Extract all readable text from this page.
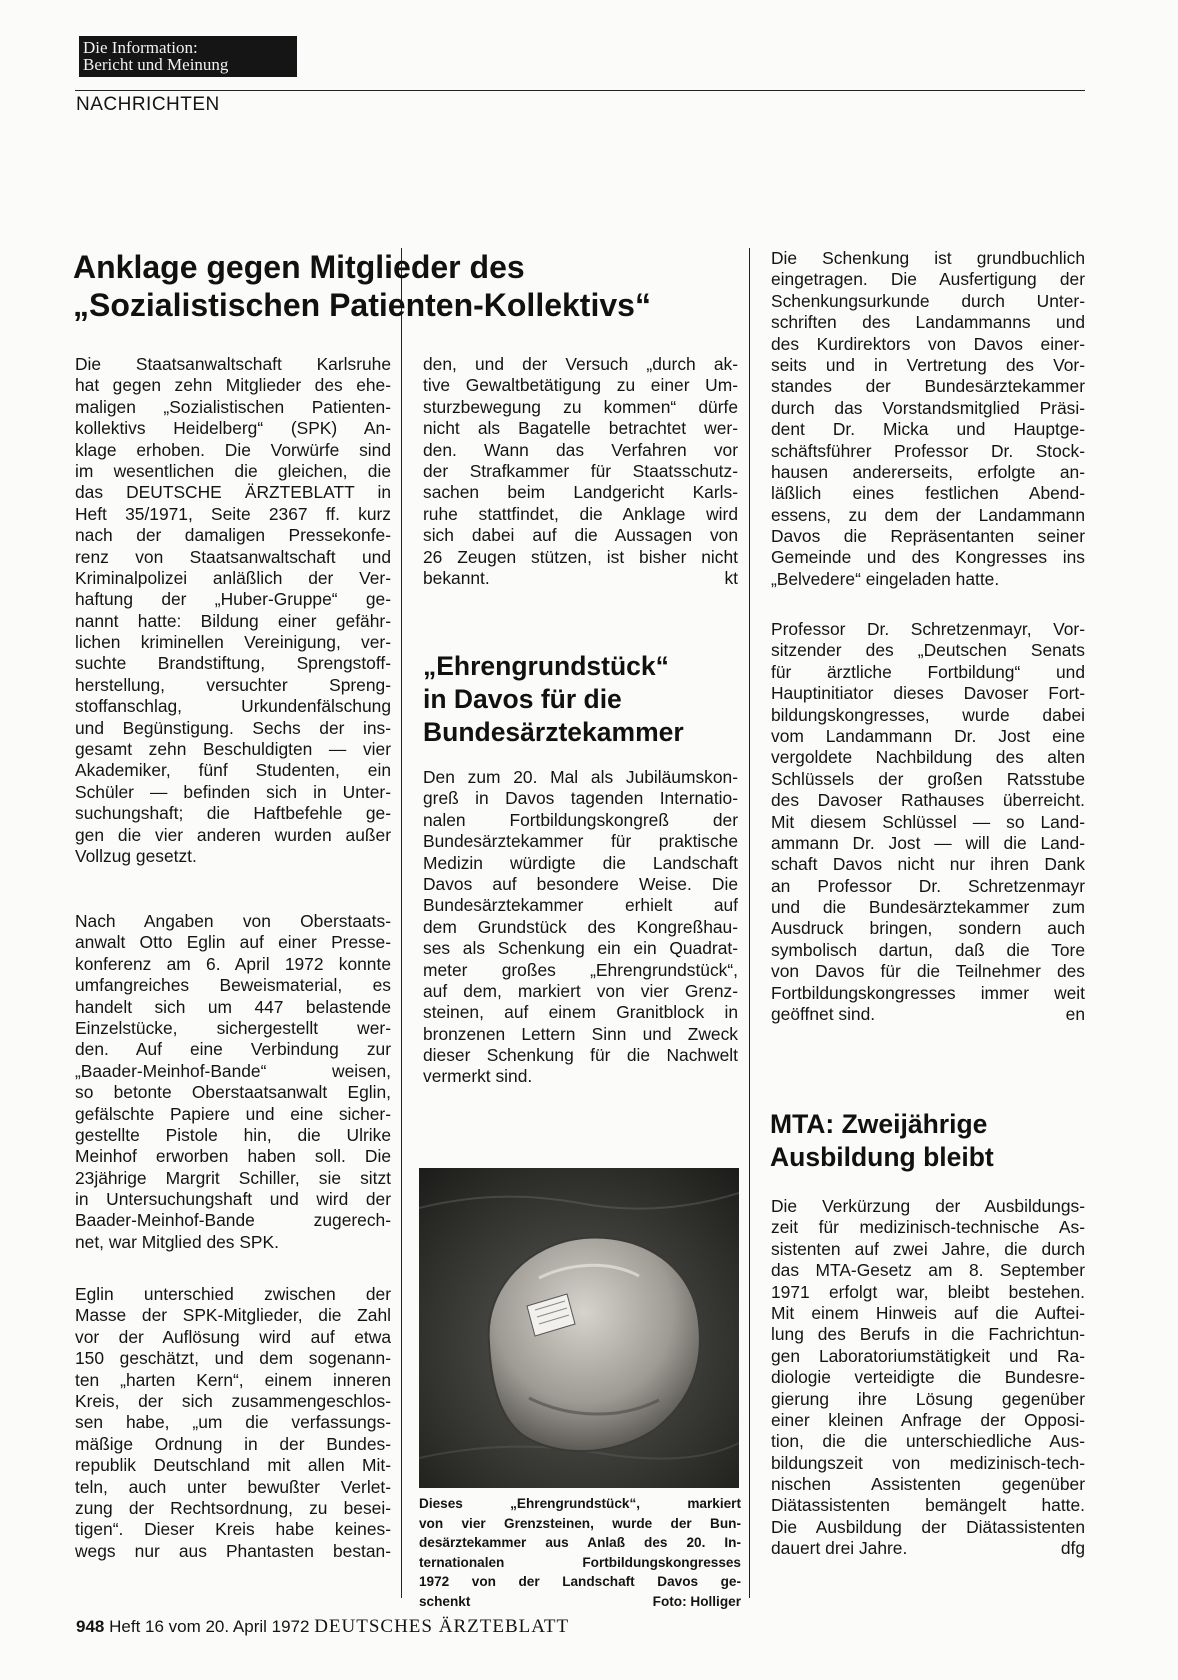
Die Information:
Bericht und Meinung
NACHRICHTEN
Anklage gegen Mitglieder des
„Sozialistischen Patienten-Kollektivs“
Die Staatsanwaltschaft Karlsruhe
hat gegen zehn Mitglieder des ehe-
maligen „Sozialistischen Patienten-
kollektivs Heidelberg“ (SPK) An-
klage erhoben. Die Vorwürfe sind
im wesentlichen die gleichen, die
das DEUTSCHE ÄRZTEBLATT in
Heft 35/1971, Seite 2367 ff. kurz
nach der damaligen Pressekonfe-
renz von Staatsanwaltschaft und
Kriminalpolizei anläßlich der Ver-
haftung der „Huber-Gruppe“ ge-
nannt hatte: Bildung einer gefähr-
lichen kriminellen Vereinigung, ver-
suchte Brandstiftung, Sprengstoff-
herstellung, versuchter Spreng-
stoffanschlag, Urkundenfälschung
und Begünstigung. Sechs der ins-
gesamt zehn Beschuldigten — vier
Akademiker, fünf Studenten, ein
Schüler — befinden sich in Unter-
suchungshaft; die Haftbefehle ge-
gen die vier anderen wurden außer
Vollzug gesetzt.
Nach Angaben von Oberstaats-
anwalt Otto Eglin auf einer Presse-
konferenz am 6. April 1972 konnte
umfangreiches Beweismaterial, es
handelt sich um 447 belastende
Einzelstücke, sichergestellt wer-
den. Auf eine Verbindung zur
„Baader-Meinhof-Bande“ weisen,
so betonte Oberstaatsanwalt Eglin,
gefälschte Papiere und eine sicher-
gestellte Pistole hin, die Ulrike
Meinhof erworben haben soll. Die
23jährige Margrit Schiller, sie sitzt
in Untersuchungshaft und wird der
Baader-Meinhof-Bande zugerech-
net, war Mitglied des SPK.
Eglin unterschied zwischen der
Masse der SPK-Mitglieder, die Zahl
vor der Auflösung wird auf etwa
150 geschätzt, und dem sogenann-
ten „harten Kern“, einem inneren
Kreis, der sich zusammengeschlos-
sen habe, „um die verfassungs-
mäßige Ordnung in der Bundes-
republik Deutschland mit allen Mit-
teln, auch unter bewußter Verlet-
zung der Rechtsordnung, zu besei-
tigen“. Dieser Kreis habe keines-
wegs nur aus Phantasten bestan-
den, und der Versuch „durch ak-
tive Gewaltbetätigung zu einer Um-
sturzbewegung zu kommen“ dürfe
nicht als Bagatelle betrachtet wer-
den. Wann das Verfahren vor
der Strafkammer für Staatsschutz-
sachen beim Landgericht Karls-
ruhe stattfindet, die Anklage wird
sich dabei auf die Aussagen von
26 Zeugen stützen, ist bisher nicht
bekannt.	kt
„Ehrengrundstück“
in Davos für die
Bundesärztekammer
Den zum 20. Mal als Jubiläumskon-
greß in Davos tagenden Internatio-
nalen Fortbildungskongreß der
Bundesärztekammer für praktische
Medizin würdigte die Landschaft
Davos auf besondere Weise. Die
Bundesärztekammer erhielt auf
dem Grundstück des Kongreßhau-
ses als Schenkung ein ein Quadrat-
meter großes „Ehrengrundstück“,
auf dem, markiert von vier Grenz-
steinen, auf einem Granitblock in
bronzenen Lettern Sinn und Zweck
dieser Schenkung für die Nachwelt
vermerkt sind.
Dieses „Ehrengrundstück“, markiert
von vier Grenzsteinen, wurde der Bun-
desärztekammer aus Anlaß des 20. In-
ternationalen Fortbildungskongresses
1972 von der Landschaft Davos ge-
schenkt	Foto: Holliger
Die Schenkung ist grundbuchlich
eingetragen. Die Ausfertigung der
Schenkungsurkunde durch Unter-
schriften des Landammanns und
des Kurdirektors von Davos einer-
seits und in Vertretung des Vor-
standes der Bundesärztekammer
durch das Vorstandsmitglied Präsi-
dent Dr. Micka und Hauptge-
schäftsführer Professor Dr. Stock-
hausen andererseits, erfolgte an-
läßlich eines festlichen Abend-
essens, zu dem der Landammann
Davos die Repräsentanten seiner
Gemeinde und des Kongresses ins
„Belvedere“ eingeladen hatte.
Professor Dr. Schretzenmayr, Vor-
sitzender des „Deutschen Senats
für ärztliche Fortbildung“ und
Hauptinitiator dieses Davoser Fort-
bildungskongresses, wurde dabei
vom Landammann Dr. Jost eine
vergoldete Nachbildung des alten
Schlüssels der großen Ratsstube
des Davoser Rathauses überreicht.
Mit diesem Schlüssel — so Land-
ammann Dr. Jost — will die Land-
schaft Davos nicht nur ihren Dank
an Professor Dr. Schretzenmayr
und die Bundesärztekammer zum
Ausdruck bringen, sondern auch
symbolisch dartun, daß die Tore
von Davos für die Teilnehmer des
Fortbildungskongresses immer weit
geöffnet sind.	en
MTA: Zweijährige
Ausbildung bleibt
Die Verkürzung der Ausbildungs-
zeit für medizinisch-technische As-
sistenten auf zwei Jahre, die durch
das MTA-Gesetz am 8. September
1971 erfolgt war, bleibt bestehen.
Mit einem Hinweis auf die Auftei-
lung des Berufs in die Fachrichtun-
gen Laboratoriumstätigkeit und Ra-
diologie verteidigte die Bundesre-
gierung ihre Lösung gegenüber
einer kleinen Anfrage der Opposi-
tion, die die unterschiedliche Aus-
bildungszeit von medizinisch-tech-
nischen Assistenten gegenüber
Diätassistenten bemängelt hatte.
Die Ausbildung der Diätassistenten
dauert drei Jahre.	dfg
948 Heft 16 vom 20. April 1972 DEUTSCHES ÄRZTEBLATT
